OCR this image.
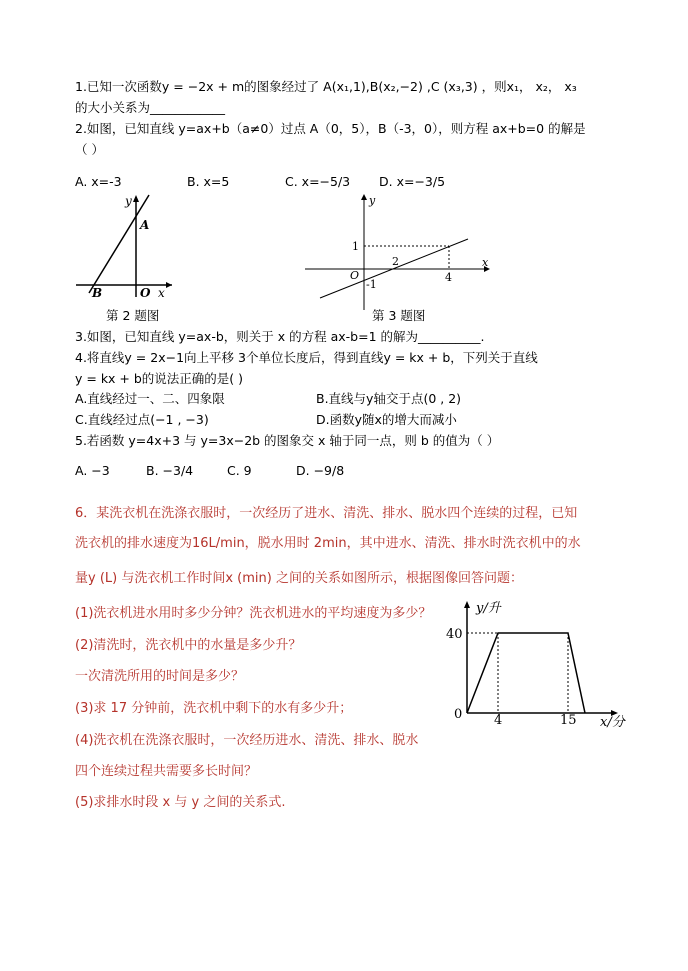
1.已知一次函数y = −2x + m的图象经过了 A(x₁,1),B(x₂,−2) ,C (x₃,3) ，则x₁， x₂， x₃
的大小关系为____________
2.如图，已知直线 y=ax+b（a≠0）过点 A（0，5），B（-3，0），则方程 ax+b=0 的解是
（ ）
A. x=-3	B. x=5	C. x=−5/3 D. x=−3/5
y
A
B	O x
第 2 题图
y
x
1
2
4
O
-1
第 3 题图
3.如图，已知直线 y=ax-b，则关于 x 的方程 ax-b=1 的解为__________.
4.将直线y = 2x−1向上平移 3个单位长度后，得到直线y = kx + b，下列关于直线
y = kx + b的说法正确的是( )
A.直线经过一、二、四象限	B.直线与y轴交于点(0 , 2)
C.直线经过点(−1 , −3)	D.函数y随x的增大而减小
5.若函数 y=4x+3 与 y=3x−2b 的图象交 x 轴于同一点，则 b 的值为（ ）
A. −3	B. −3/4	C. 9	D. −9/8
6．某洗衣机在洗涤衣服时，一次经历了进水、清洗、排水、脱水四个连续的过程，已知
洗衣机的排水速度为16L/min，脱水用时 2min，其中进水、清洗、排水时洗衣机中的水
量y (L) 与洗衣机工作时间x (min) 之间的关系如图所示，根据图像回答问题：
(1)洗衣机进水用时多少分钟？洗衣机进水的平均速度为多少？
(2)清洗时，洗衣机中的水量是多少升？
一次清洗所用的时间是多少？
(3)求 17 分钟前，洗衣机中剩下的水有多少升；
(4)洗衣机在洗涤衣服时，一次经历进水、清洗、排水、脱水
四个连续过程共需要多长时间？
(5)求排水时段 x 与 y 之间的关系式.
y/升
x/分
40
0 4	15
